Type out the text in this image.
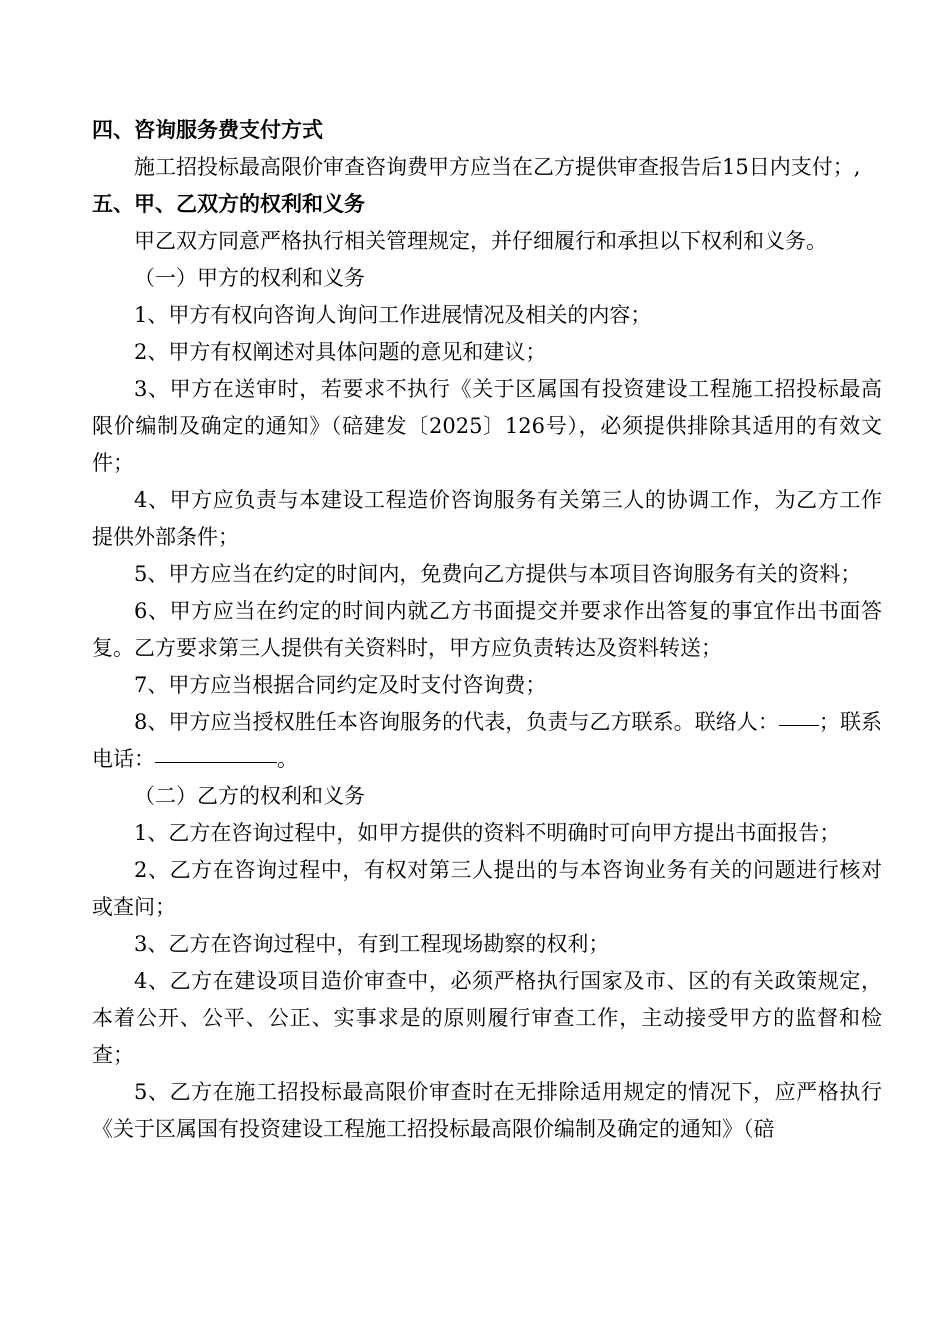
四、咨询服务费支付方式

施工招投标最高限价审查咨询费甲方应当在乙方提供审查报告后15日内支付；,

五、甲、乙双方的权利和义务

甲乙双方同意严格执行相关管理规定，并仔细履行和承担以下权利和义务。

（一）甲方的权利和义务

1、甲方有权向咨询人询问工作进展情况及相关的内容；

2、甲方有权阐述对具体问题的意见和建议；

3、甲方在送审时，若要求不执行《关于区属国有投资建设工程施工招投标最高限价编制及确定的通知》（碚建发〔2025〕126号），必须提供排除其适用的有效文件；

4、甲方应负责与本建设工程造价咨询服务有关第三人的协调工作，为乙方工作提供外部条件；

5、甲方应当在约定的时间内，免费向乙方提供与本项目咨询服务有关的资料；

6、甲方应当在约定的时间内就乙方书面提交并要求作出答复的事宜作出书面答复。乙方要求第三人提供有关资料时，甲方应负责转达及资料转送；

7、甲方应当根据合同约定及时支付咨询费；

8、甲方应当授权胜任本咨询服务的代表，负责与乙方联系。联络人： ；联系电话：	。

（二）乙方的权利和义务

1、乙方在咨询过程中，如甲方提供的资料不明确时可向甲方提出书面报告；

2、乙方在咨询过程中，有权对第三人提出的与本咨询业务有关的问题进行核对或查问；

3、乙方在咨询过程中，有到工程现场勘察的权利；

4、乙方在建设项目造价审查中，必须严格执行国家及市、区的有关政策规定，本着公开、公平、公正、实事求是的原则履行审查工作，主动接受甲方的监督和检查；

5、乙方在施工招投标最高限价审查时在无排除适用规定的情况下，应严格执行《关于区属国有投资建设工程施工招投标最高限价编制及确定的通知》（碚
